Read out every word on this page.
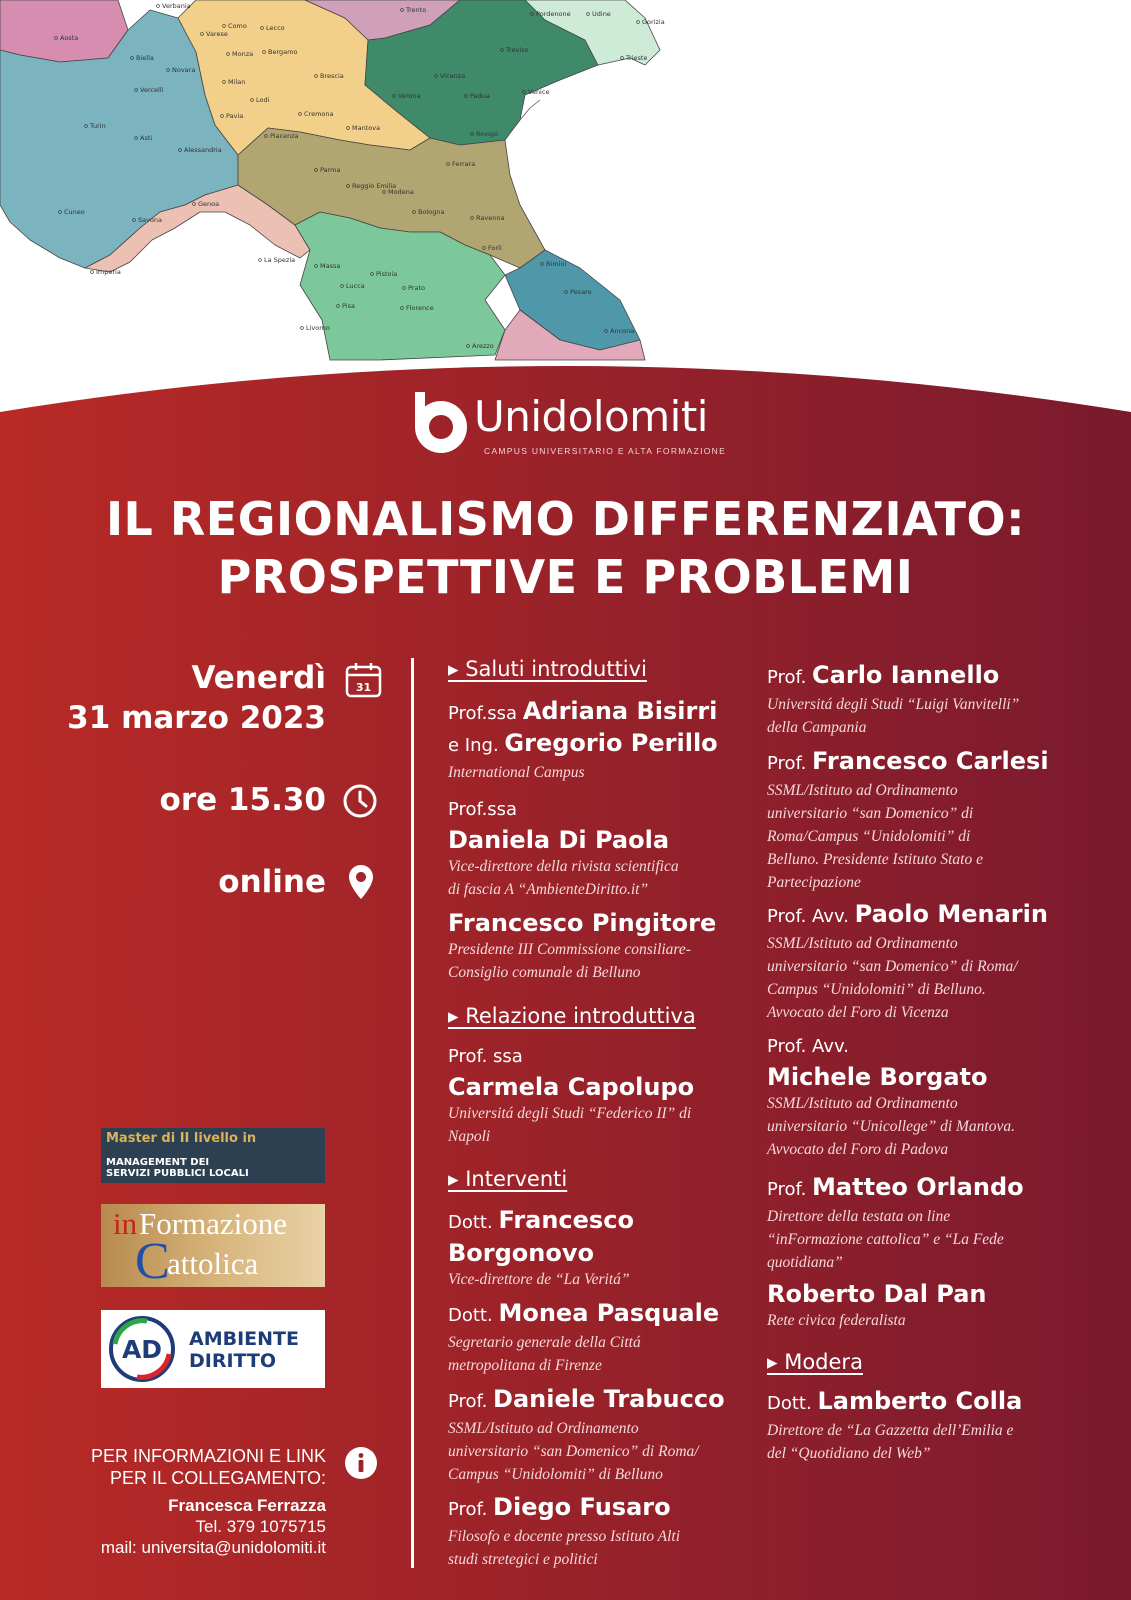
Verbania	Trento	Pordenone	Udine
Gorizia
Aosta
Como	Lecco
Varese
Biella	Monza Bergamo
Trieste
Novara
Treviso
Milan
Brescia	Vicenza
Vercelli
Lodi
Venice
Pavia	Cremona
Verona	Padua
Turin	Mantova
Rovigo
Asti	Piacenza
Alessandria
Ferrara
Parma
Reggio Emilia
Modena
Bologna
Genoa
Ravenna
Cuneo
Savona
Forli
La Spezia	Rimini
Massa
Imperia
Lucca
Pistoia
Prato	Pesaro
Pisa	Florence
Livorno	Ancona
Arezzo
Unidolomiti
CAMPUS UNIVERSITARIO E ALTA FORMAZIONE
IL REGIONALISMO DIFFERENZIATO:
PROSPETTIVE E PROBLEMI
Venerdì
31 marzo 2023
ore 15.30
online
31
Master di II livello in
MANAGEMENT DEI
SERVIZI PUBBLICI LOCALI
in Formazione
C
attolica
AD AMBIENTE
DIRITTO
PER INFORMAZIONI E LINK
PER IL COLLEGAMENTO:
Francesca Ferrazza
Tel. 379 1075715
mail: universita@unidolomiti.it
▸ Saluti introduttivi
Prof.ssa Adriana Bisirri
e Ing. Gregorio Perillo
International Campus
Prof.ssa
Daniela Di Paola
Vice-direttore della rivista scientifica
di fascia A “AmbienteDiritto.it”
Francesco Pingitore
Presidente III Commissione consiliare-
Consiglio comunale di Belluno
▸ Relazione introduttiva
Prof. ssa
Carmela Capolupo
Universitá degli Studi “Federico II” di
Napoli
▸ Interventi
Dott. Francesco
Borgonovo
Vice-direttore de “La Veritá”
Dott. Monea Pasquale
Segretario generale della Cittá
metropolitana di Firenze
Prof. Daniele Trabucco
SSML/Istituto ad Ordinamento
universitario “san Domenico” di Roma/
Campus “Unidolomiti” di Belluno
Prof. Diego Fusaro
Filosofo e docente presso Istituto Alti
studi stretegici e politici
Prof. Carlo Iannello
Universitá degli Studi “Luigi Vanvitelli”
della Campania
Prof. Francesco Carlesi
SSML/Istituto ad Ordinamento
universitario “san Domenico” di
Roma/Campus “Unidolomiti” di
Belluno. Presidente Istituto Stato e
Partecipazione
Prof. Avv. Paolo Menarin
SSML/Istituto ad Ordinamento
universitario “san Domenico” di Roma/
Campus “Unidolomiti” di Belluno.
Avvocato del Foro di Vicenza
Prof. Avv.
Michele Borgato
SSML/Istituto ad Ordinamento
universitario “Unicollege” di Mantova.
Avvocato del Foro di Padova
Prof. Matteo Orlando
Direttore della testata on line
“inFormazione cattolica” e “La Fede
quotidiana”
Roberto Dal Pan
Rete civica federalista
▸ Modera
Dott. Lamberto Colla
Direttore de “La Gazzetta dell’Emilia e
del “Quotidiano del Web”
